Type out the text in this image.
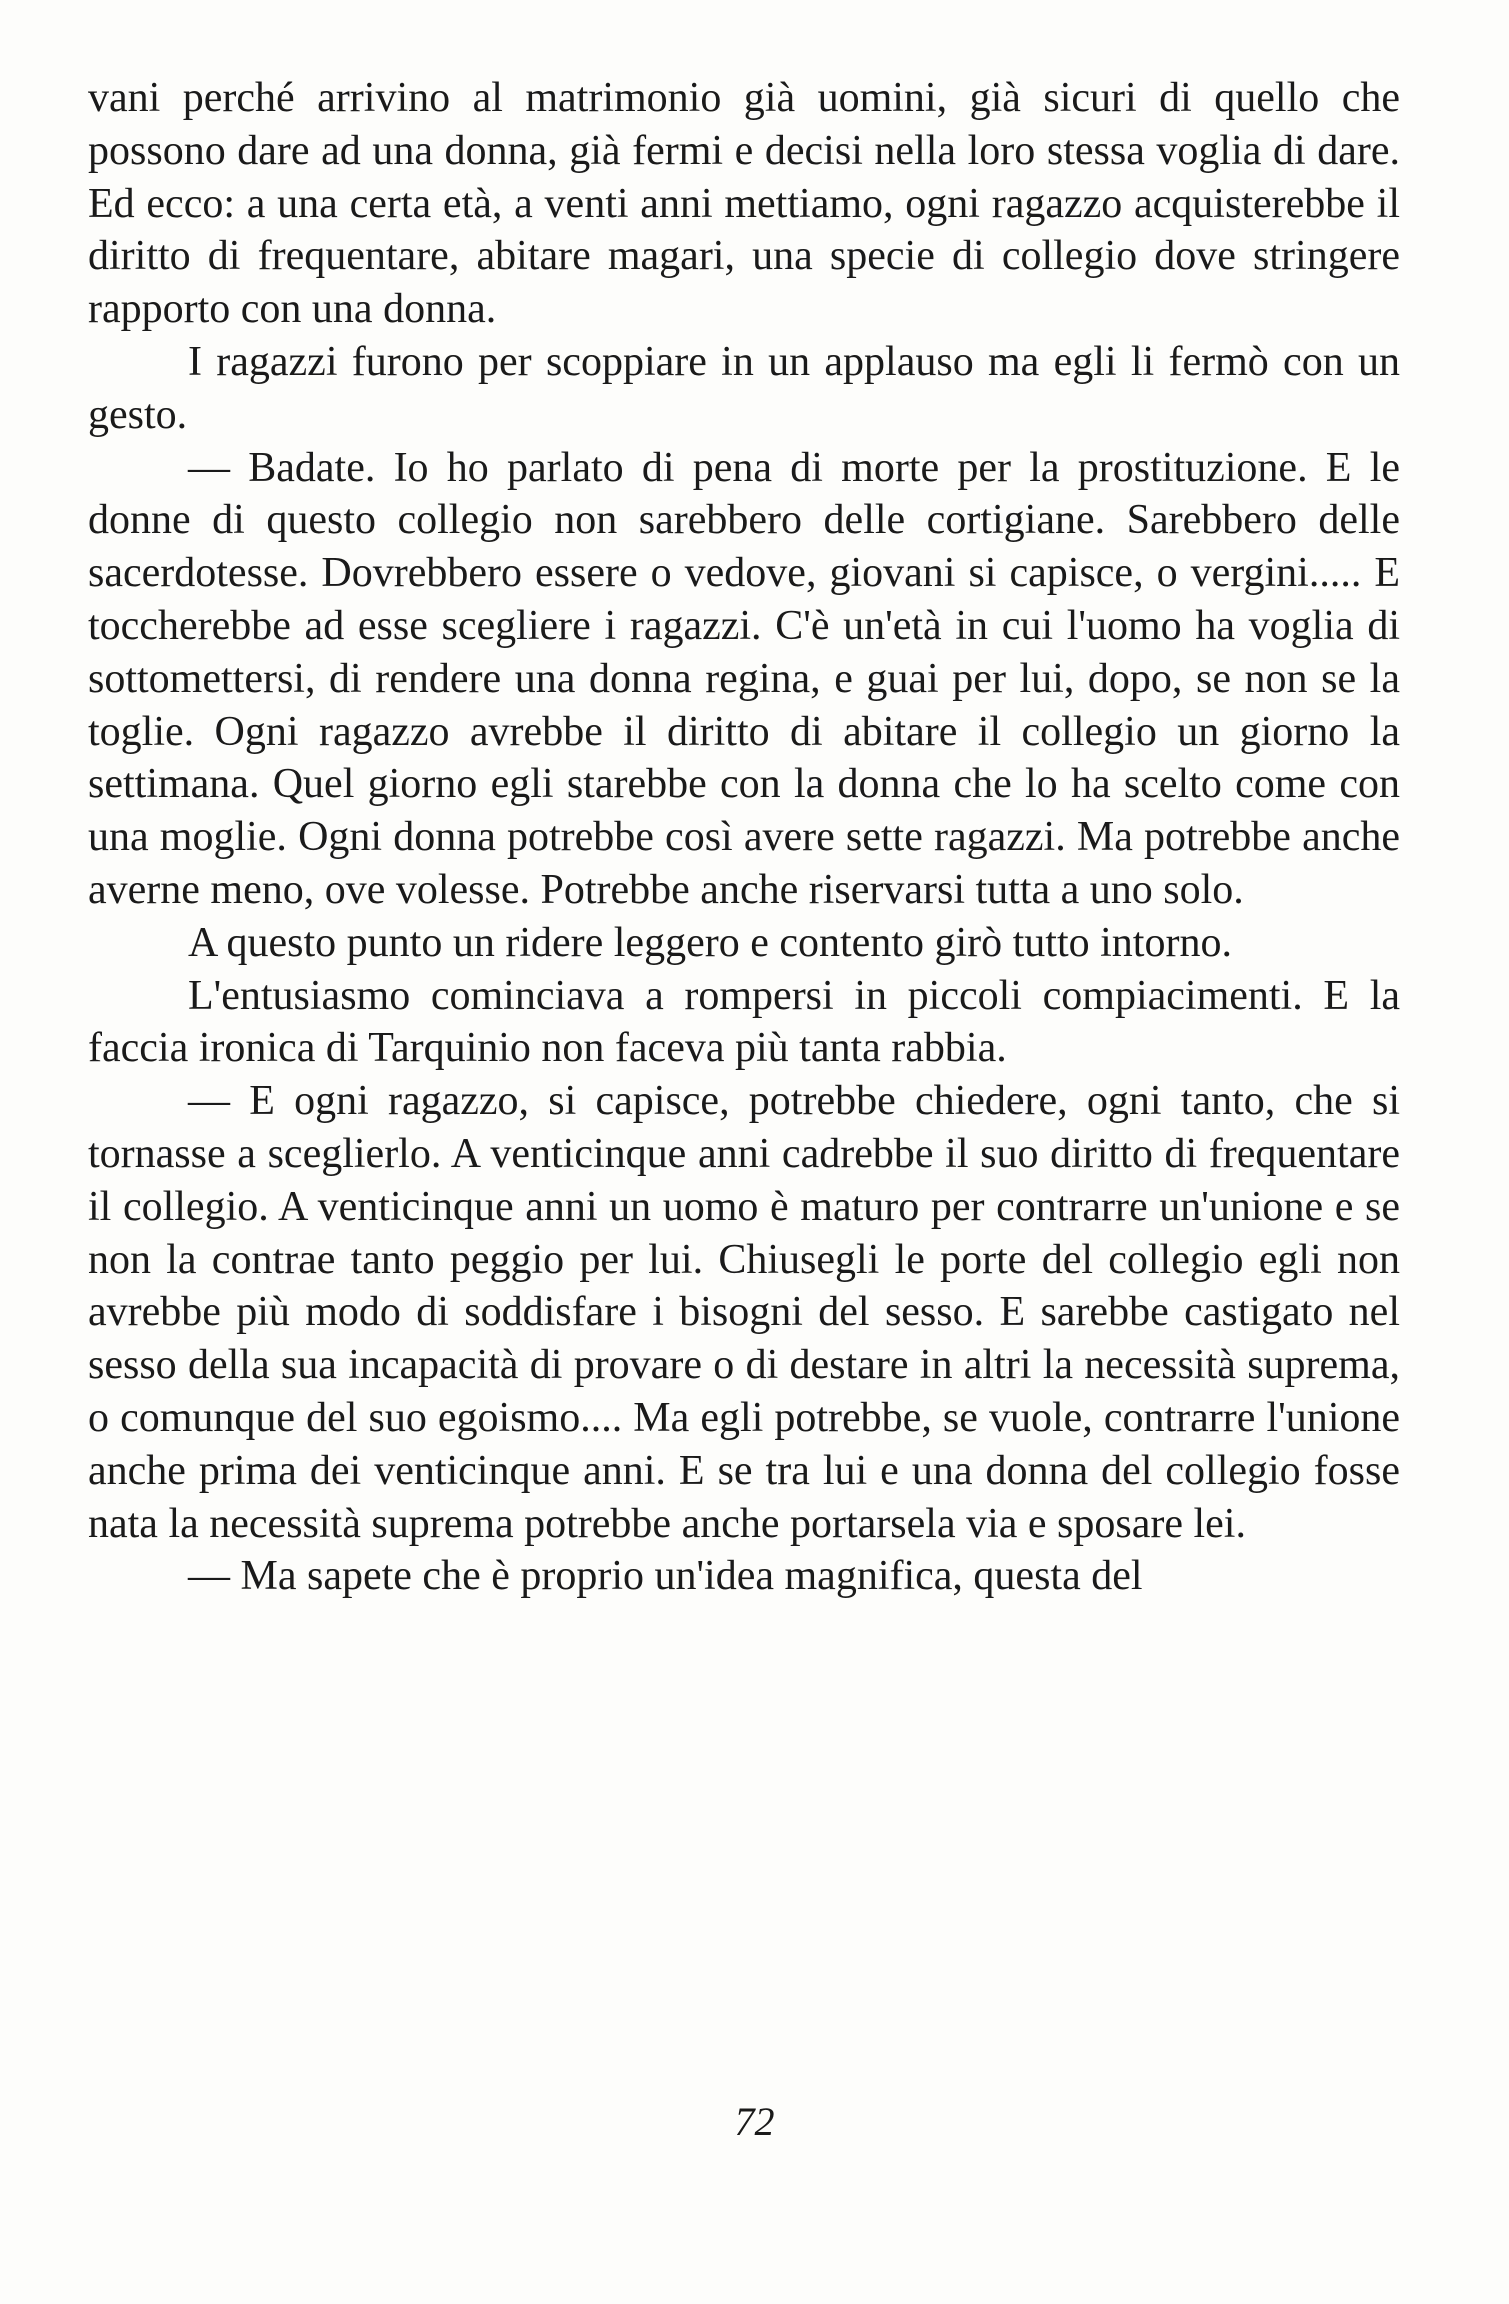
vani perché arrivino al matrimonio già uomini, già sicuri di quello che possono dare ad una donna, già fermi e decisi nella loro stessa voglia di dare. Ed ecco: a una certa età, a venti anni mettiamo, ogni ragazzo acquisterebbe il diritto di frequentare, abitare magari, una specie di collegio dove stringere rapporto con una donna.

I ragazzi furono per scoppiare in un applauso ma egli li fermò con un gesto.

— Badate. Io ho parlato di pena di morte per la prostituzione. E le donne di questo collegio non sarebbero delle cortigiane. Sarebbero delle sacerdotesse. Dovrebbero essere o vedove, giovani si capisce, o vergini..... E toccherebbe ad esse scegliere i ragazzi. C'è un'età in cui l'uomo ha voglia di sottomettersi, di rendere una donna regina, e guai per lui, dopo, se non se la toglie. Ogni ragazzo avrebbe il diritto di abitare il collegio un giorno la settimana. Quel giorno egli starebbe con la donna che lo ha scelto come con una moglie. Ogni donna potrebbe così avere sette ragazzi. Ma potrebbe anche averne meno, ove volesse. Potrebbe anche riservarsi tutta a uno solo.

A questo punto un ridere leggero e contento girò tutto intorno.

L'entusiasmo cominciava a rompersi in piccoli compiacimenti. E la faccia ironica di Tarquinio non faceva più tanta rabbia.

— E ogni ragazzo, si capisce, potrebbe chiedere, ogni tanto, che si tornasse a sceglierlo. A venticinque anni cadrebbe il suo diritto di frequentare il collegio. A venticinque anni un uomo è maturo per contrarre un'unione e se non la contrae tanto peggio per lui. Chiusegli le porte del collegio egli non avrebbe più modo di soddisfare i bisogni del sesso. E sarebbe castigato nel sesso della sua incapacità di provare o di destare in altri la necessità suprema, o comunque del suo egoismo.... Ma egli potrebbe, se vuole, contrarre l'unione anche prima dei venticinque anni. E se tra lui e una donna del collegio fosse nata la necessità suprema potrebbe anche portarsela via e sposare lei.

— Ma sapete che è proprio un'idea magnifica, questa del

72
